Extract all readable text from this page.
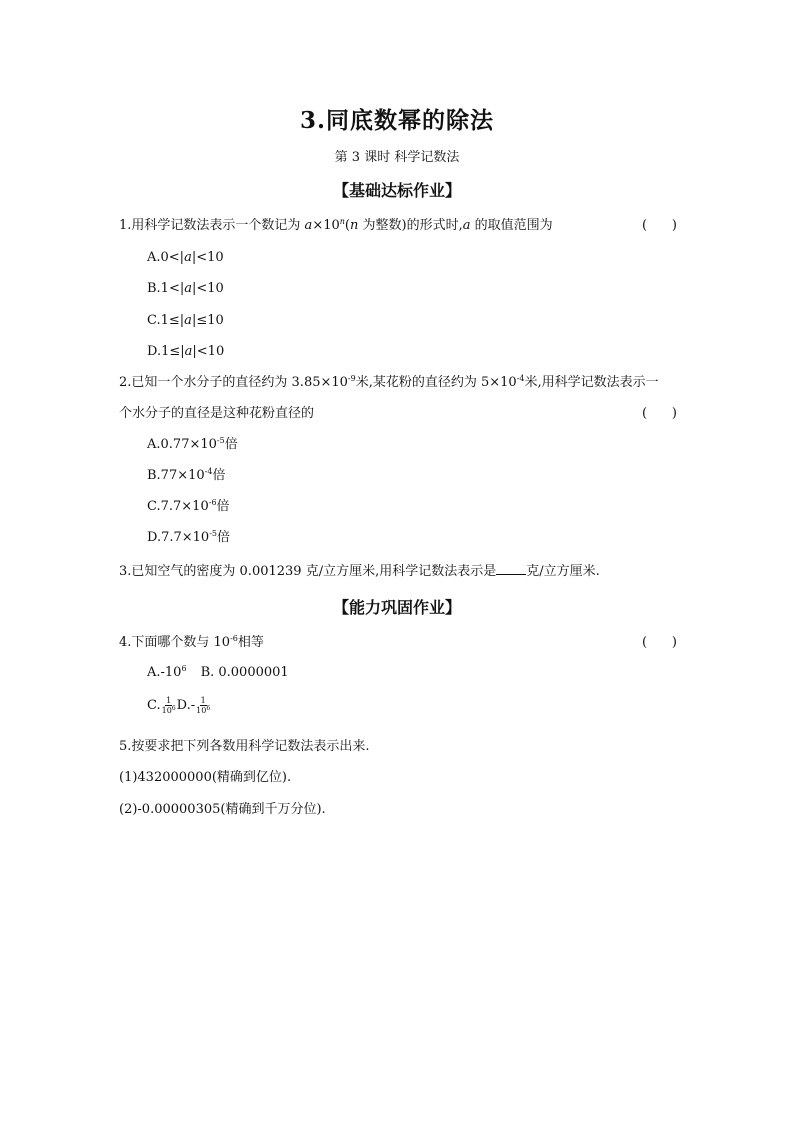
3.同底数幂的除法
第 3 课时 科学记数法
【基础达标作业】
1.用科学记数法表示一个数记为 $a\times 10^n(n$ 为整数)的形式时,a 的取值范围为	(      )
A.0<|a|<10
B.1<|a|<10
C.1≤|a|≤10
D.1≤|a|<10
2.已知一个水分子的直径约为 $3.85\times 10^{-9}$米,某花粉的直径约为 $5\times 10^{-4}$米,用科学记数法表示一
个水分子的直径是这种花粉直径的	(      )
$A.0.77\times 10^{-5}$倍
$B.77\times 10^{-4}$倍
$C.7.7\times 10^{-6}$倍
$D.7.7\times 10^{-5}$倍
3.已知空气的密度为 0.001239 克/立方厘米,用科学记数法表示是 克/立方厘米.
【能力巩固作业】
4.下面哪个数与 $10^{-6}$相等	(      )
$A.-10^6$ B. 0.0000001
C. $\frac{1}{10^6} D.- \frac{1}{10^6}$
5.按要求把下列各数用科学记数法表示出来.
(1)432000000(精确到亿位).
(2)-0.00000305(精确到千万分位).
